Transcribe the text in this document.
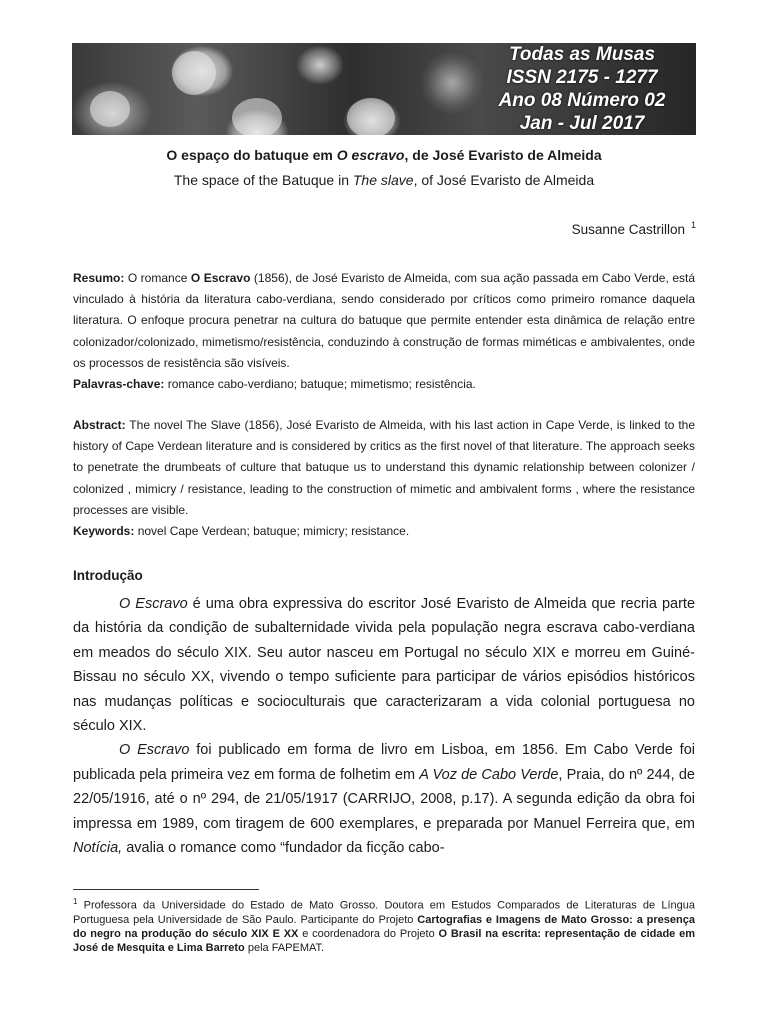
Todas as Musas
ISSN 2175 - 1277
Ano 08 Número 02
Jan - Jul 2017
O espaço do batuque em O escravo, de José Evaristo de Almeida
The space of the Batuque in The slave, of José Evaristo de Almeida
Susanne Castrillon $^1$
Resumo: O romance O Escravo (1856), de José Evaristo de Almeida, com sua ação passada em Cabo Verde, está vinculado à história da literatura cabo-verdiana, sendo considerado por críticos como primeiro romance daquela literatura. O enfoque procura penetrar na cultura do batuque que permite entender esta dinâmica de relação entre colonizador/colonizado, mimetismo/resistência, conduzindo à construção de formas miméticas e ambivalentes, onde os processos de resistência são visíveis.
Palavras-chave: romance cabo-verdiano; batuque; mimetismo; resistência.
Abstract: The novel The Slave (1856), José Evaristo de Almeida, with his last action in Cape Verde, is linked to the history of Cape Verdean literature and is considered by critics as the first novel of that literature. The approach seeks to penetrate the drumbeats of culture that batuque us to understand this dynamic relationship between colonizer / colonized , mimicry / resistance, leading to the construction of mimetic and ambivalent forms , where the resistance processes are visible.
Keywords: novel Cape Verdean; batuque; mimicry; resistance.
Introdução

O Escravo é uma obra expressiva do escritor José Evaristo de Almeida que recria parte da história da condição de subalternidade vivida pela população negra escrava cabo-verdiana em meados do século XIX. Seu autor nasceu em Portugal no século XIX e morreu em Guiné-Bissau no século XX, vivendo o tempo suficiente para participar de vários episódios históricos nas mudanças políticas e socioculturais que caracterizaram a vida colonial portuguesa no século XIX.

O Escravo foi publicado em forma de livro em Lisboa, em 1856. Em Cabo Verde foi publicada pela primeira vez em forma de folhetim em A Voz de Cabo Verde, Praia, do nº 244, de 22/05/1916, até o nº 294, de 21/05/1917 (CARRIJO, 2008, p.17). A segunda edição da obra foi impressa em 1989, com tiragem de 600 exemplares, e preparada por Manuel Ferreira que, em Notícia, avalia o romance como “fundador da ficção cabo-

$^1$ Professora da Universidade do Estado de Mato Grosso. Doutora em Estudos Comparados de Literaturas de Língua Portuguesa pela Universidade de São Paulo. Participante do Projeto Cartografias e Imagens de Mato Grosso: a presença do negro na produção do século XIX E XX e coordenadora do Projeto O Brasil na escrita: representação de cidade em José de Mesquita e Lima Barreto pela FAPEMAT.
